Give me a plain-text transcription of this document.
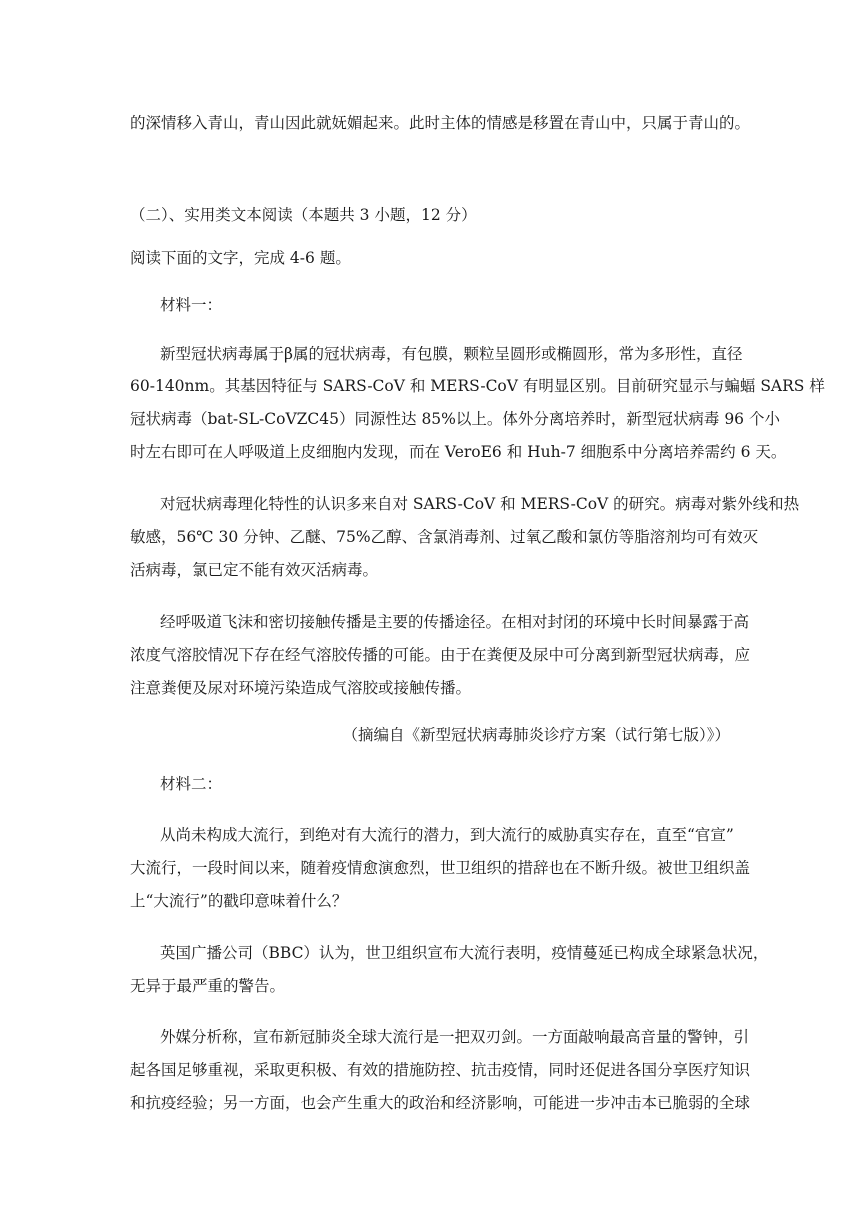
的深情移入青山，青山因此就妩媚起来。此时主体的情感是移置在青山中，只属于青山的。
（二）、实用类文本阅读（本题共 3 小题，12 分）
阅读下面的文字，完成 4-6 题。
材料一：
新型冠状病毒属于β属的冠状病毒，有包膜，颗粒呈圆形或椭圆形，常为多形性，直径
60-140nm。其基因特征与 SARS-CoV 和 MERS-CoV 有明显区别。目前研究显示与蝙蝠 SARS 样
冠状病毒（bat-SL-CoVZC45）同源性达 85%以上。体外分离培养时，新型冠状病毒 96 个小
时左右即可在人呼吸道上皮细胞内发现，而在 VeroE6 和 Huh-7 细胞系中分离培养需约 6 天。
对冠状病毒理化特性的认识多来自对 SARS-CoV 和 MERS-CoV 的研究。病毒对紫外线和热
敏感，56℃ 30 分钟、乙醚、75%乙醇、含氯消毒剂、过氧乙酸和氯仿等脂溶剂均可有效灭
活病毒，氯已定不能有效灭活病毒。
经呼吸道飞沫和密切接触传播是主要的传播途径。在相对封闭的环境中长时间暴露于高
浓度气溶胶情况下存在经气溶胶传播的可能。由于在粪便及尿中可分离到新型冠状病毒，应
注意粪便及尿对环境污染造成气溶胶或接触传播。
（摘编自《新型冠状病毒肺炎诊疗方案（试行第七版）》）
材料二：
从尚未构成大流行，到绝对有大流行的潜力，到大流行的威胁真实存在，直至“官宣”
大流行，一段时间以来，随着疫情愈演愈烈，世卫组织的措辞也在不断升级。被世卫组织盖
上“大流行”的戳印意味着什么？
英国广播公司（BBC）认为，世卫组织宣布大流行表明，疫情蔓延已构成全球紧急状况，
无异于最严重的警告。
外媒分析称，宣布新冠肺炎全球大流行是一把双刃剑。一方面敲响最高音量的警钟，引
起各国足够重视，采取更积极、有效的措施防控、抗击疫情，同时还促进各国分享医疗知识
和抗疫经验；另一方面，也会产生重大的政治和经济影响，可能进一步冲击本已脆弱的全球
